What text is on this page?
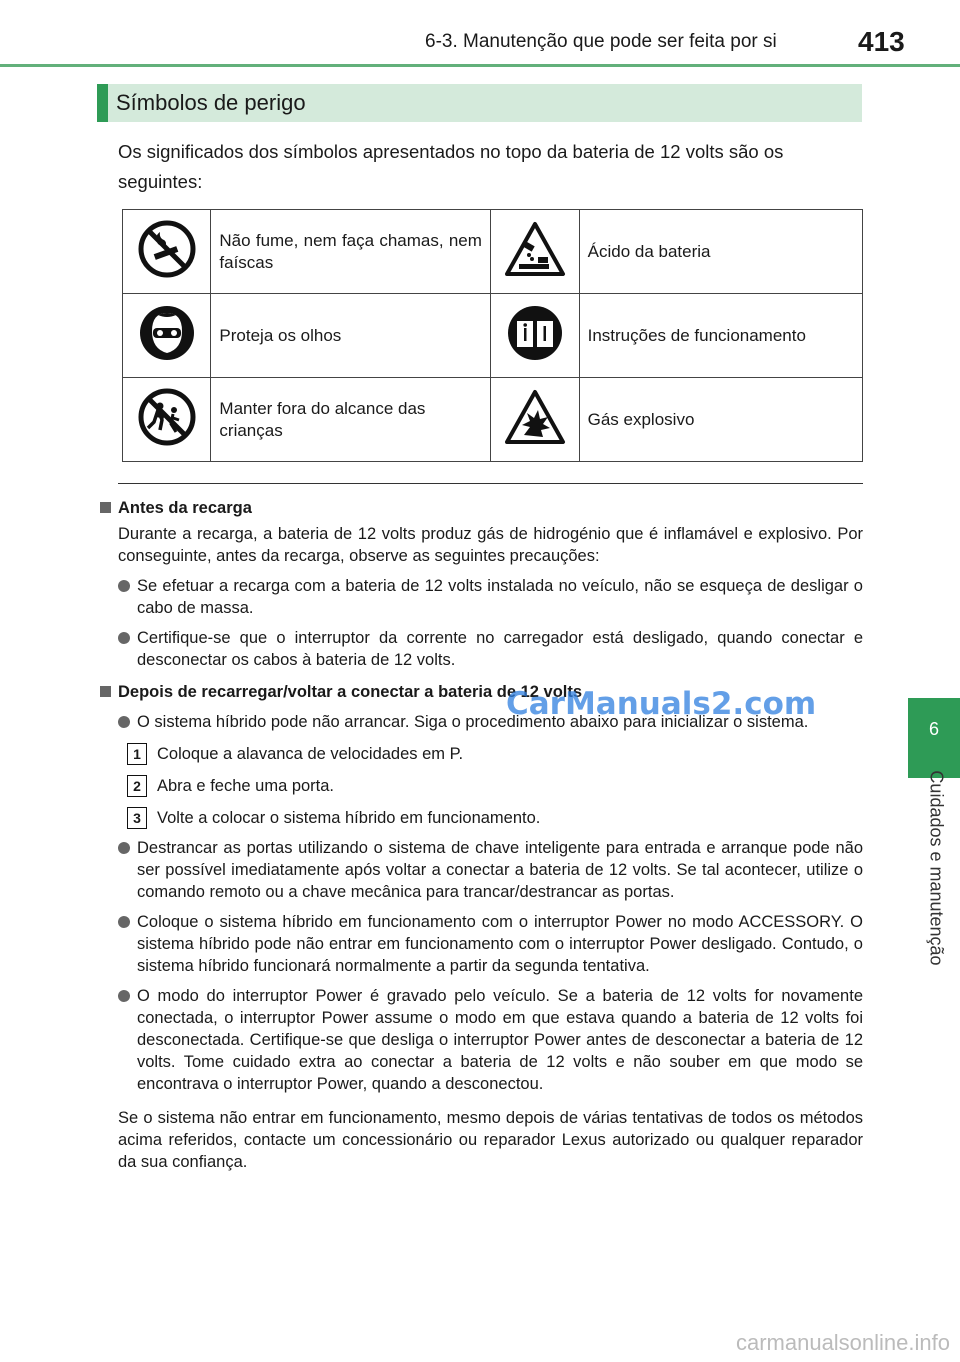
6-3. Manutenção que pode ser feita por si	413
6
Cuidados e manutenção
Símbolos de perigo
Os significados dos símbolos apresentados no topo da bateria de 12 volts são os seguintes:
	Não fume, nem faça chamas, nem faíscas		Ácido da bateria
	Proteja os olhos		Instruções de funcionamento
	Manter fora do alcance das crianças		Gás explosivo
Antes da recarga
Durante a recarga, a bateria de 12 volts produz gás de hidrogénio que é inflamável e explosivo. Por conseguinte, antes da recarga, observe as seguintes precauções:
Se efetuar a recarga com a bateria de 12 volts instalada no veículo, não se esqueça de desligar o cabo de massa.
Certifique-se que o interruptor da corrente no carregador está desligado, quando conectar e desconectar os cabos à bateria de 12 volts.
Depois de recarregar/voltar a conectar a bateria de 12 volts
O sistema híbrido pode não arrancar. Siga o procedimento abaixo para inicializar o sistema.
1 Coloque a alavanca de velocidades em P.
2 Abra e feche uma porta.
3 Volte a colocar o sistema híbrido em funcionamento.
Destrancar as portas utilizando o sistema de chave inteligente para entrada e arranque pode não ser possível imediatamente após voltar a conectar a bateria de 12 volts. Se tal acontecer, utilize o comando remoto ou a chave mecânica para trancar/destrancar as portas.
Coloque o sistema híbrido em funcionamento com o interruptor Power no modo ACCESSORY. O sistema híbrido pode não entrar em funcionamento com o interruptor Power desligado. Contudo, o sistema híbrido funcionará normalmente a partir da segunda tentativa.
O modo do interruptor Power é gravado pelo veículo. Se a bateria de 12 volts for novamente conectada, o interruptor Power assume o modo em que estava quando a bateria de 12 volts foi desconectada. Certifique-se que desliga o interruptor Power antes de desconectar a bateria de 12 volts. Tome cuidado extra ao conectar a bateria de 12 volts e não souber em que modo se encontrava o interruptor Power, quando a desconectou.
Se o sistema não entrar em funcionamento, mesmo depois de várias tentativas de todos os métodos acima referidos, contacte um concessionário ou reparador Lexus autorizado ou qualquer reparador da sua confiança.
CarManuals2.com
carmanualsonline.info
